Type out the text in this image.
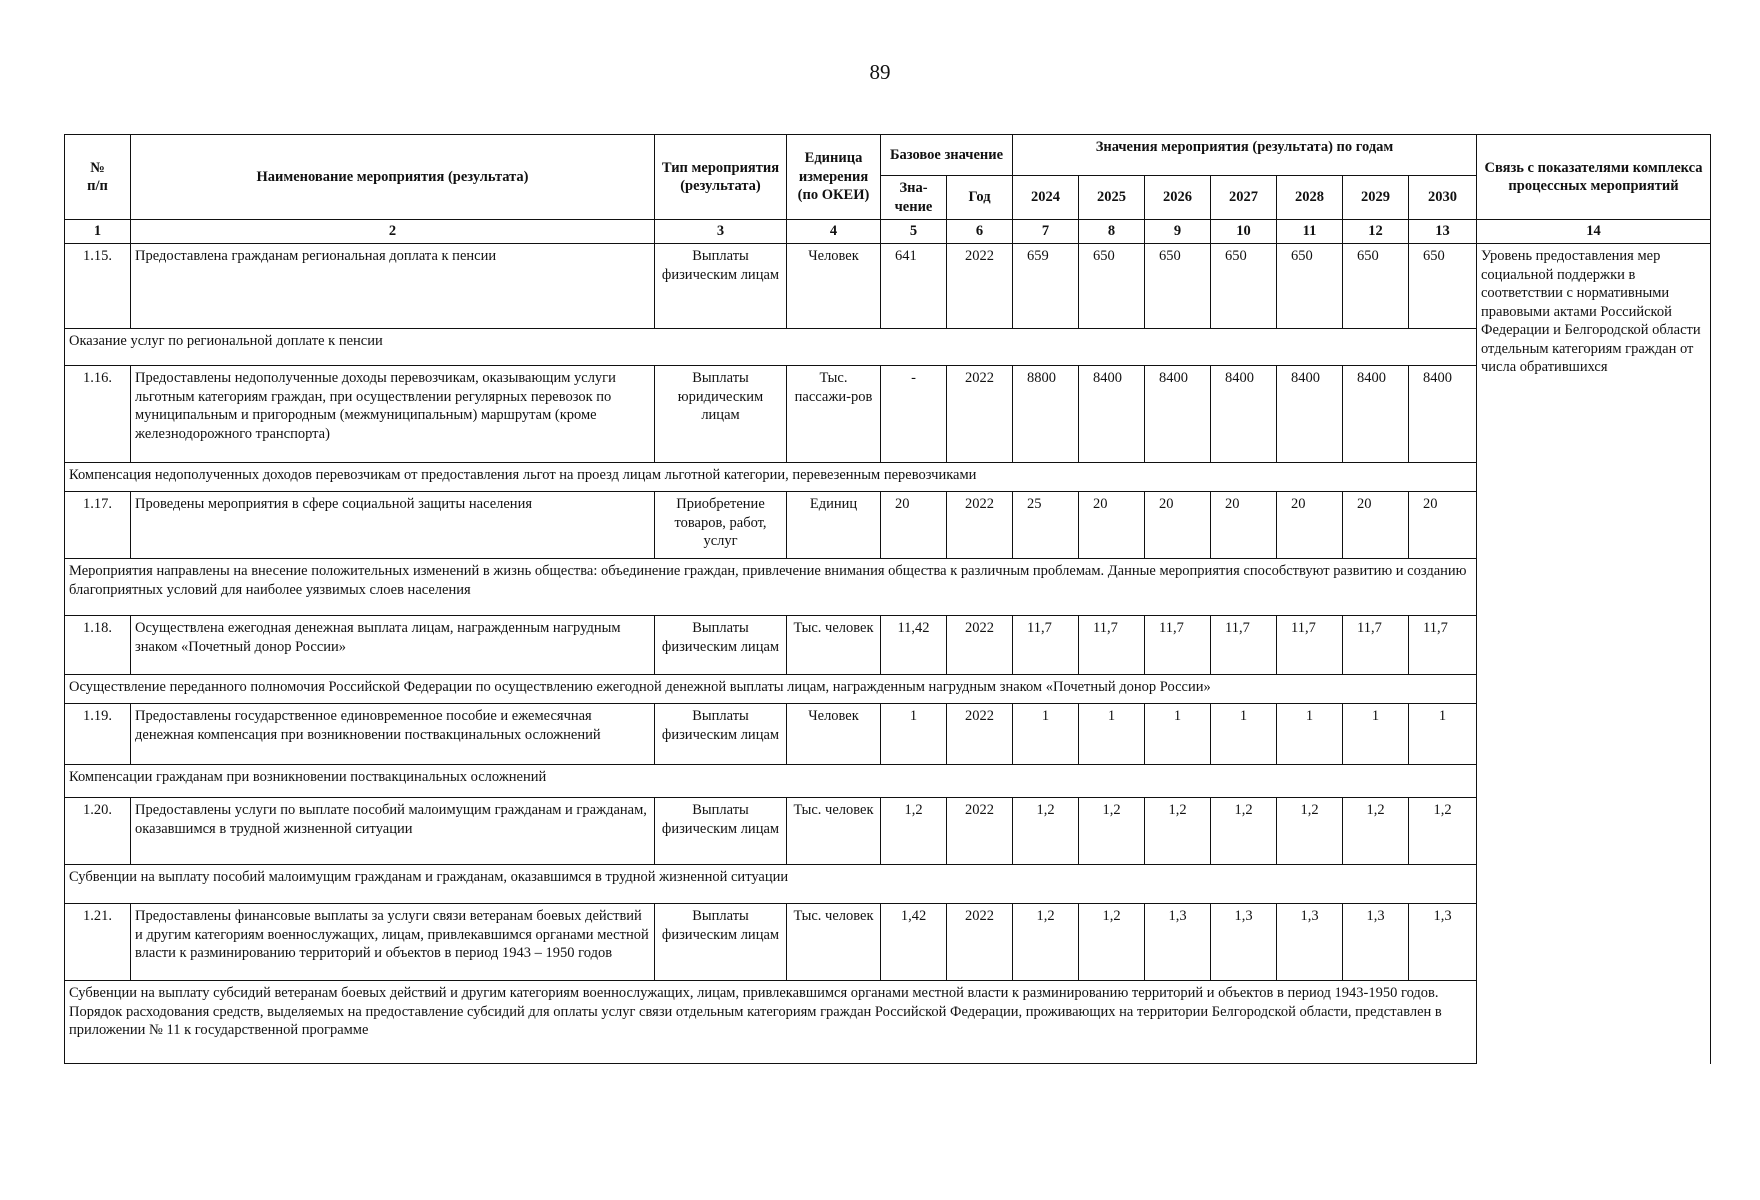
89
№
п/п	Наименование мероприятия (результата)	Тип мероприятия (результата)	Единица измерения (по ОКЕИ)	Базовое значение		Значения мероприятия (результата) по годам							Связь с показателями комплекса процессных мероприятий
				Зна-чение	Год	2024	2025	2026	2027	2028	2029	2030	
1	2	3	4	5	6	7	8	9	10	11	12	13	14
1.15.	Предоставлена гражданам региональная доплата к пенсии	Выплаты физическим лицам	Человек	641	2022	659	650	650	650	650	650	650	Уровень предоставления мер социальной поддержки в соответствии с нормативными правовыми актами Российской Федерации и Белгородской области отдельным категориям граждан от числа обратившихся
Оказание услуг по региональной доплате к пенсии													
1.16.	Предоставлены недополученные доходы перевозчикам, оказывающим услуги льготным категориям граждан, при осуществлении регулярных перевозок по муниципальным и пригородным (межмуниципальным) маршрутам (кроме железнодорожного транспорта)	Выплаты юридическим лицам	Тыс. пассажи-ров	-	2022	8800	8400	8400	8400	8400	8400	8400	
Компенсация недополученных доходов перевозчикам от предоставления льгот на проезд лицам льготной категории, перевезенным перевозчиками													
1.17.	Проведены мероприятия в сфере социальной защиты населения	Приобретение товаров, работ, услуг	Единиц	20	2022	25	20	20	20	20	20	20	
Мероприятия направлены на внесение положительных изменений в жизнь общества: объединение граждан, привлечение внимания общества к различным проблемам. Данные мероприятия способствуют развитию и созданию благоприятных условий для наиболее уязвимых слоев населения													
1.18.	Осуществлена ежегодная денежная выплата лицам, награжденным нагрудным знаком «Почетный донор России»	Выплаты физическим лицам	Тыс. человек	11,42	2022	11,7	11,7	11,7	11,7	11,7	11,7	11,7	
Осуществление переданного полномочия Российской Федерации по осуществлению ежегодной денежной выплаты лицам, награжденным нагрудным знаком «Почетный донор России»													
1.19.	Предоставлены государственное единовременное пособие и ежемесячная денежная компенсация при возникновении поствакцинальных осложнений	Выплаты физическим лицам	Человек	1	2022	1	1	1	1	1	1	1	
Компенсации гражданам при возникновении поствакцинальных осложнений													
1.20.	Предоставлены услуги по выплате пособий малоимущим гражданам и гражданам, оказавшимся в трудной жизненной ситуации	Выплаты физическим лицам	Тыс. человек	1,2	2022	1,2	1,2	1,2	1,2	1,2	1,2	1,2	
Субвенции на выплату пособий малоимущим гражданам и гражданам, оказавшимся в трудной жизненной ситуации													
1.21.	Предоставлены финансовые выплаты за услуги связи ветеранам боевых действий и другим категориям военнослужащих, лицам, привлекавшимся органами местной власти к разминированию территорий и объектов в период 1943 – 1950 годов	Выплаты физическим лицам	Тыс. человек	1,42	2022	1,2	1,2	1,3	1,3	1,3	1,3	1,3	

Субвенции на выплату субсидий ветеранам боевых действий и другим категориям военнослужащих, лицам, привлекавшимся органами местной власти к разминированию территорий и объектов в период 1943-1950 годов.
Порядок расходования средств, выделяемых на предоставление субсидий для оплаты услуг связи отдельным категориям граждан Российской Федерации, проживающих на территории Белгородской области, представлен в приложении № 11 к государственной программе													
